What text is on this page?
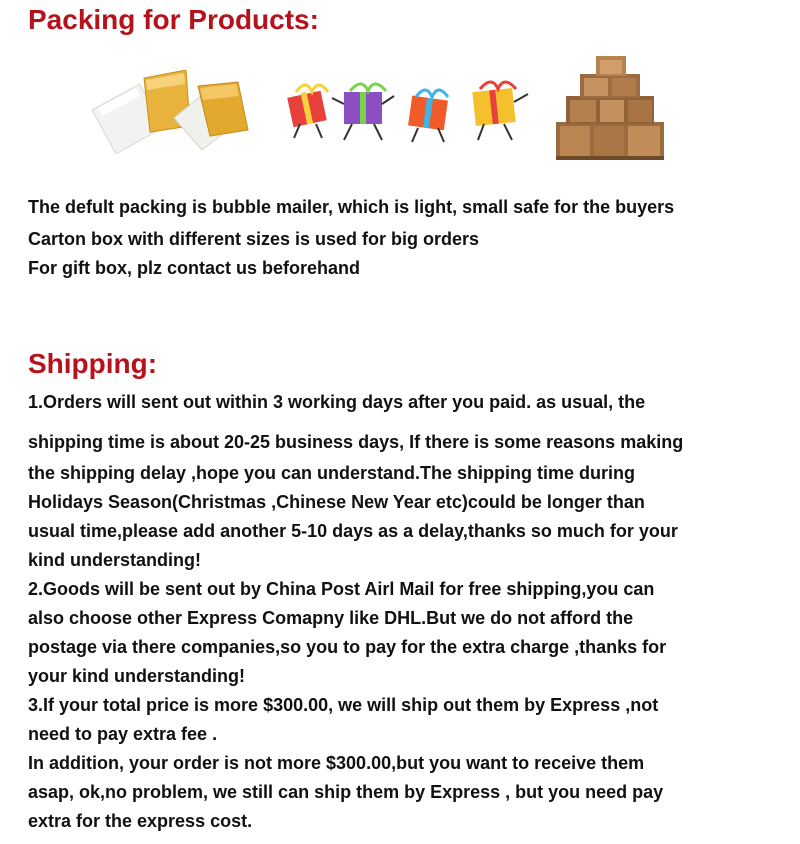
Packing for Products:

The defult packing is bubble mailer, which is light, small safe for the buyers

Carton box with different sizes is used for big orders

For gift box, plz contact us beforehand

Shipping:

1.Orders will sent out within 3 working days after you paid. as usual, the

shipping time is about 20-25 business days, If there is some reasons making

the shipping delay ,hope you can understand.The shipping time during

Holidays Season(Christmas ,Chinese New Year etc)could be longer than

usual time,please add another 5-10 days as a delay,thanks so much for your

kind understanding!

2.Goods will be sent out by China Post Airl Mail for free shipping,you can

also choose other Express Comapny like DHL.But we do not afford the

postage via there companies,so you to pay for the extra charge ,thanks for

your kind understanding!

3.If your total price is more $300.00, we will ship out them by Express ,not

need to pay extra fee .

In addition, your order is not more $300.00,but you want to receive them

asap, ok,no problem, we still can ship them by Express , but you need pay

extra for the express cost.
